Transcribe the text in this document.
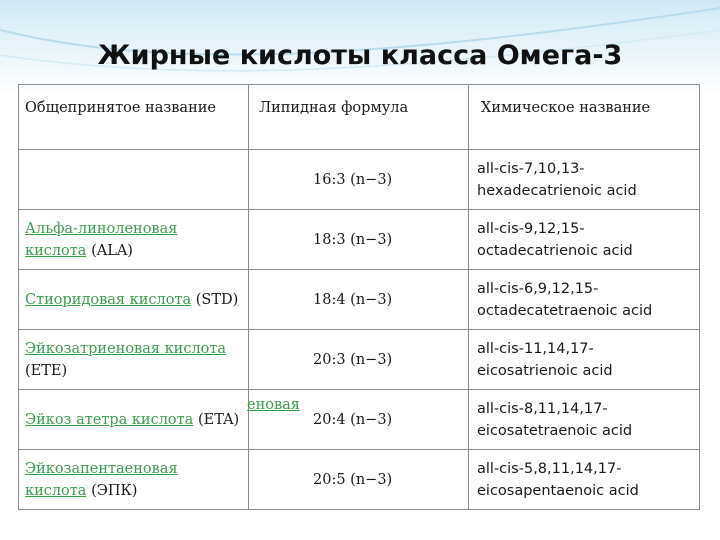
Жирные кислоты класса Омега-3
Общепринятое название	Липидная формула	Химическое название
	16:3 (n−3)	all-cis-7,10,13-hexadecatrienoic acid
Альфа-линоленовая кислота (ALA)	18:3 (n−3)	all-cis-9,12,15-octadecatrienoic acid
Стиоридовая кислота (STD)	18:4 (n−3)	all-cis-6,9,12,15-octadecatetraenoic acid
Эйкозатриеновая кислота (ETE)	20:3 (n−3)	all-cis-11,14,17-eicosatrienoic acid
Эйкоз атетра кислота (ETA)	20:4 (n−3)	all-cis-8,11,14,17-eicosatetraenoic acid
Эйкозапентаеновая кислота (ЭПК)	20:5 (n−3)	all-cis-5,8,11,14,17-eicosapentaenoic acid
еновая
